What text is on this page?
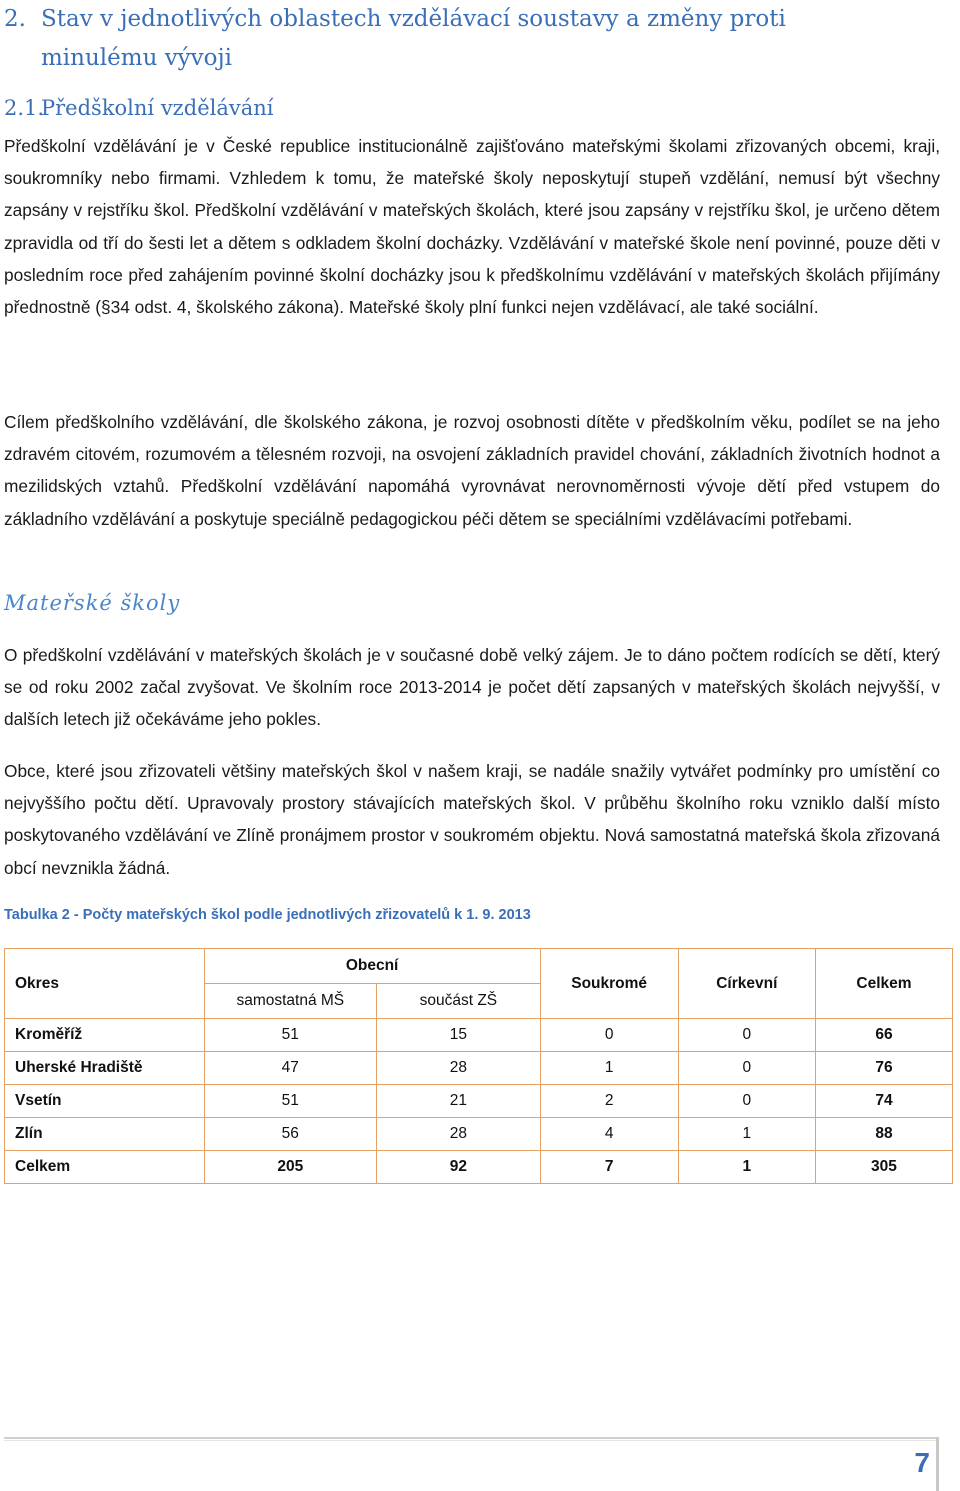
2. Stav v jednotlivých oblastech vzdělávací soustavy a změny proti
minulému vývoji
2.1.Předškolní vzdělávání

Předškolní vzdělávání je v České republice institucionálně zajišťováno mateřskými školami zřizovaných obcemi, kraji, soukromníky nebo firmami. Vzhledem k tomu, že mateřské školy neposkytují stupeň vzdělání, nemusí být všechny zapsány v rejstříku škol. Předškolní vzdělávání v mateřských školách, které jsou zapsány v rejstříku škol, je určeno dětem zpravidla od tří do šesti let a dětem s odkladem školní docházky. Vzdělávání v mateřské škole není povinné, pouze děti v posledním roce před zahájením povinné školní docházky jsou k předškolnímu vzdělávání v mateřských školách přijímány přednostně (§34 odst. 4, školského zákona). Mateřské školy plní funkci nejen vzdělávací, ale také sociální.

Cílem předškolního vzdělávání, dle školského zákona, je rozvoj osobnosti dítěte v předškolním věku, podílet se na jeho zdravém citovém, rozumovém a tělesném rozvoji, na osvojení základních pravidel chování, základních životních hodnot a mezilidských vztahů. Předškolní vzdělávání napomáhá vyrovnávat nerovnoměrnosti vývoje dětí před vstupem do základního vzdělávání a poskytuje speciálně pedagogickou péči dětem se speciálními vzdělávacími potřebami.

Mateřské školy

O předškolní vzdělávání v mateřských školách je v současné době velký zájem. Je to dáno počtem rodících se dětí, který se od roku 2002 začal zvyšovat. Ve školním roce 2013-2014 je počet dětí zapsaných v mateřských školách nejvyšší, v dalších letech již očekáváme jeho pokles.

Obce, které jsou zřizovateli většiny mateřských škol v našem kraji, se nadále snažily vytvářet podmínky pro umístění co nejvyššího počtu dětí. Upravovaly prostory stávajících mateřských škol. V průběhu školního roku vzniklo další místo poskytovaného vzdělávání ve Zlíně pronájmem prostor v soukromém objektu. Nová samostatná mateřská škola zřizovaná obcí nevznikla žádná.

Tabulka 2 - Počty mateřských škol podle jednotlivých zřizovatelů k 1. 9. 2013

Okres	Obecní		Soukromé	Církevní	Celkem
	samostatná MŠ	součást ZŠ			
Kroměříž	51	15	0	0	66
Uherské Hradiště	47	28	1	0	76
Vsetín	51	21	2	0	74
Zlín	56	28	4	1	88
Celkem	205	92	7	1	305
7
